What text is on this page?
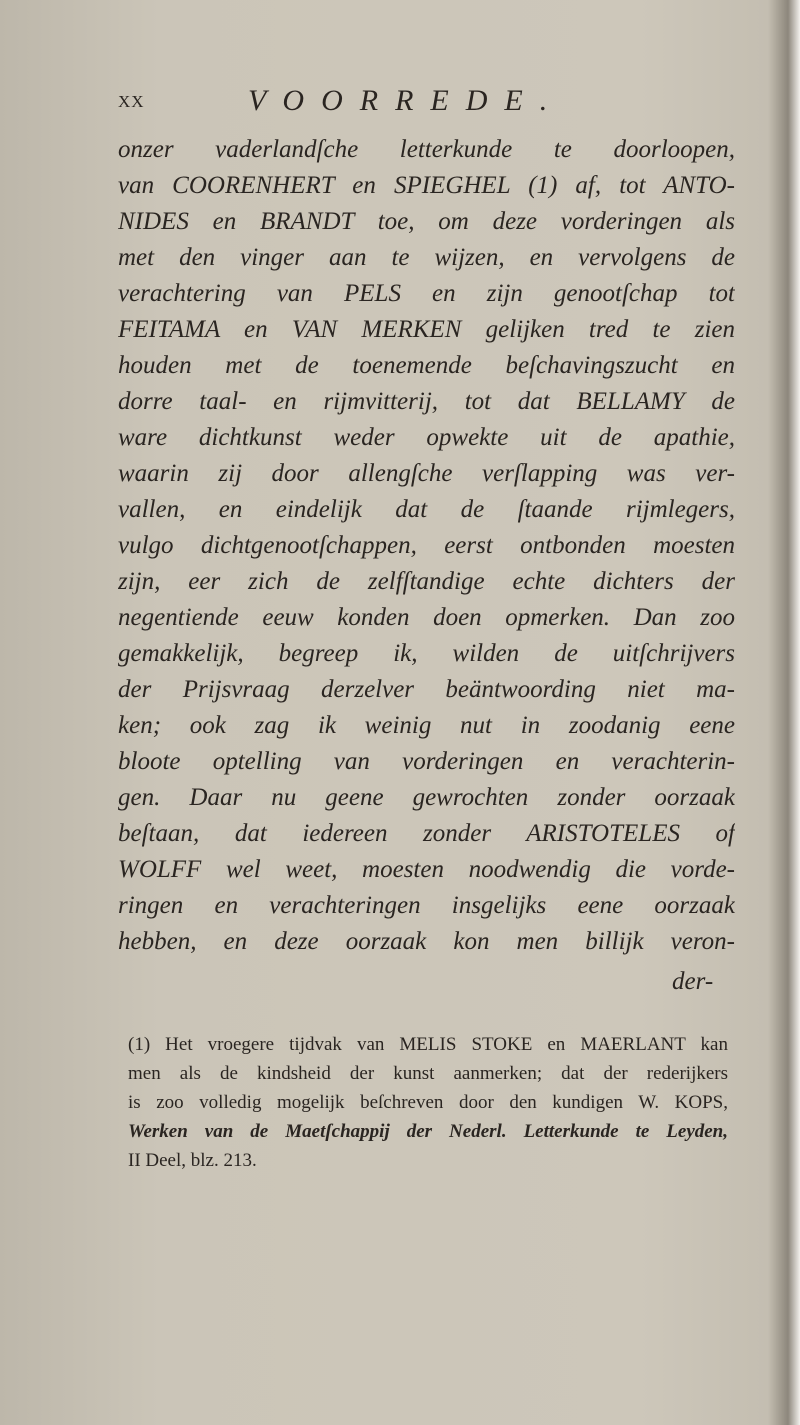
XX	VOORREDE.
onzer vaderlandſche letterkunde te doorloopen,
van COORENHERT en SPIEGHEL (1) af, tot ANTO-
NIDES en BRANDT toe, om deze vorderingen als
met den vinger aan te wijzen, en vervolgens de
verachtering van PELS en zijn genootſchap tot
FEITAMA en VAN MERKEN gelijken tred te zien
houden met de toenemende beſchavingszucht en
dorre taal- en rijmvitterij, tot dat BELLAMY de
ware dichtkunst weder opwekte uit de apathie,
waarin zij door allengſche verſlapping was ver-
vallen, en eindelijk dat de ſtaande rijmlegers,
vulgo dichtgenootſchappen, eerst ontbonden moesten
zijn, eer zich de zelfſtandige echte dichters der
negentiende eeuw konden doen opmerken. Dan zoo
gemakkelijk, begreep ik, wilden de uitſchrijvers
der Prijsvraag derzelver beäntwoording niet ma-
ken; ook zag ik weinig nut in zoodanig eene
bloote optelling van vorderingen en verachterin-
gen. Daar nu geene gewrochten zonder oorzaak
beſtaan, dat iedereen zonder ARISTOTELES of
WOLFF wel weet, moesten noodwendig die vorde-
ringen en verachteringen insgelijks eene oorzaak
hebben, en deze oorzaak kon men billijk veron-
der-
(1) Het vroegere tijdvak van MELIS STOKE en MAERLANT kan
men als de kindsheid der kunst aanmerken; dat der rederijkers
is zoo volledig mogelijk beſchreven door den kundigen W. KOPS,
Werken van de Maetſchappij der Nederl. Letterkunde te Leyden,
II Deel, blz. 213.
